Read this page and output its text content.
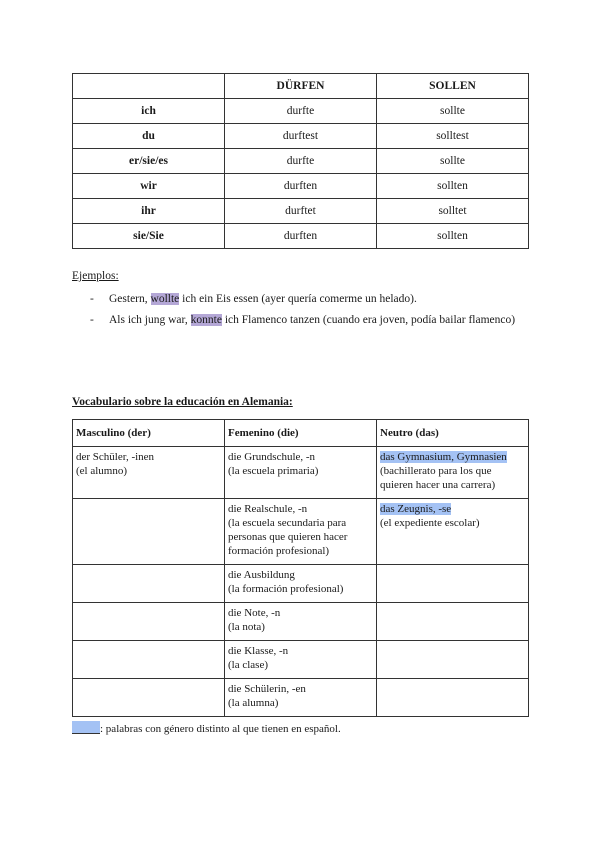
	DÜRFEN	SOLLEN
ich	durfte	sollte
du	durftest	solltest
er/sie/es	durfte	sollte
wir	durften	sollten
ihr	durftet	solltet
sie/Sie	durften	sollten
Ejemplos:
- Gestern, wollte ich ein Eis essen (ayer quería comerme un helado).
- Als ich jung war, konnte ich Flamenco tanzen (cuando era joven, podía bailar flamenco)
Vocabulario sobre la educación en Alemania:
Masculino (der)	Femenino (die)	Neutro (das)

der Schüler, -inen
(el alumno)	die Grundschule, -n
(la escuela primaria)	das Gymnasium, Gymnasien
(bachillerato para los que quieren hacer una carrera)

	die Realschule, -n
(la escuela secundaria para personas que quieren hacer formación profesional)	das Zeugnis, -se
(el expediente escolar)

	die Ausbildung
(la formación profesional)	

	die Note, -n
(la nota)	

	die Klasse, -n
(la clase)	

	die Schülerin, -en
(la alumna)	

: palabras con género distinto al que tienen en español.
